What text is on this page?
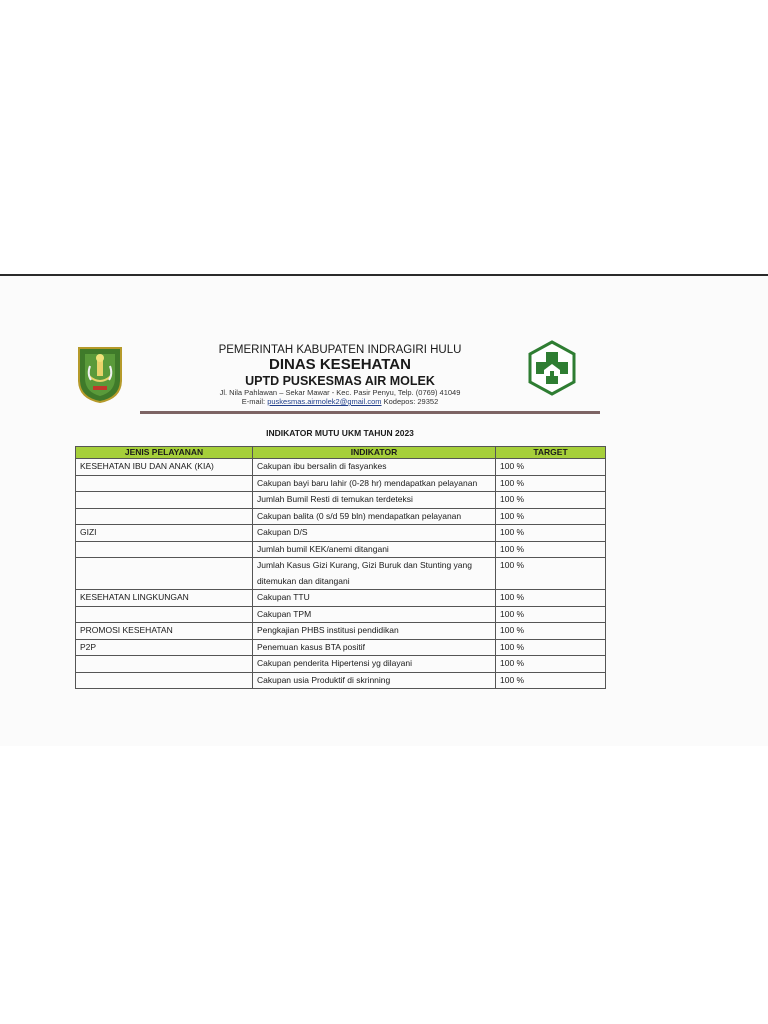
PEMERINTAH KABUPATEN INDRAGIRI HULU
DINAS KESEHATAN
UPTD PUSKESMAS AIR MOLEK
Jl. Nila Pahlawan – Sekar Mawar - Kec. Pasir Penyu, Telp. (0769) 41049
E-mail: puskesmas.airmolek2@gmail.com Kodepos: 29352
INDIKATOR MUTU UKM TAHUN 2023
JENIS PELAYANAN	INDIKATOR	TARGET
KESEHATAN IBU DAN ANAK (KIA)	Cakupan ibu bersalin di fasyankes	100 %
	Cakupan bayi baru lahir (0-28 hr) mendapatkan pelayanan	100 %
	Jumlah Bumil Resti di temukan terdeteksi	100 %
	Cakupan balita (0 s/d 59 bln) mendapatkan pelayanan	100 %
GIZI	Cakupan D/S	100 %
	Jumlah bumil KEK/anemi ditangani	100 %
	Jumlah Kasus Gizi Kurang, Gizi Buruk dan Stunting yang ditemukan dan ditangani	100 %
KESEHATAN LINGKUNGAN	Cakupan TTU	100 %
	Cakupan TPM	100 %
PROMOSI KESEHATAN	Pengkajian PHBS institusi pendidikan	100 %
P2P	Penemuan kasus BTA positif	100 %
	Cakupan penderita Hipertensi yg dilayani	100 %
	Cakupan usia Produktif di skrinning	100 %
